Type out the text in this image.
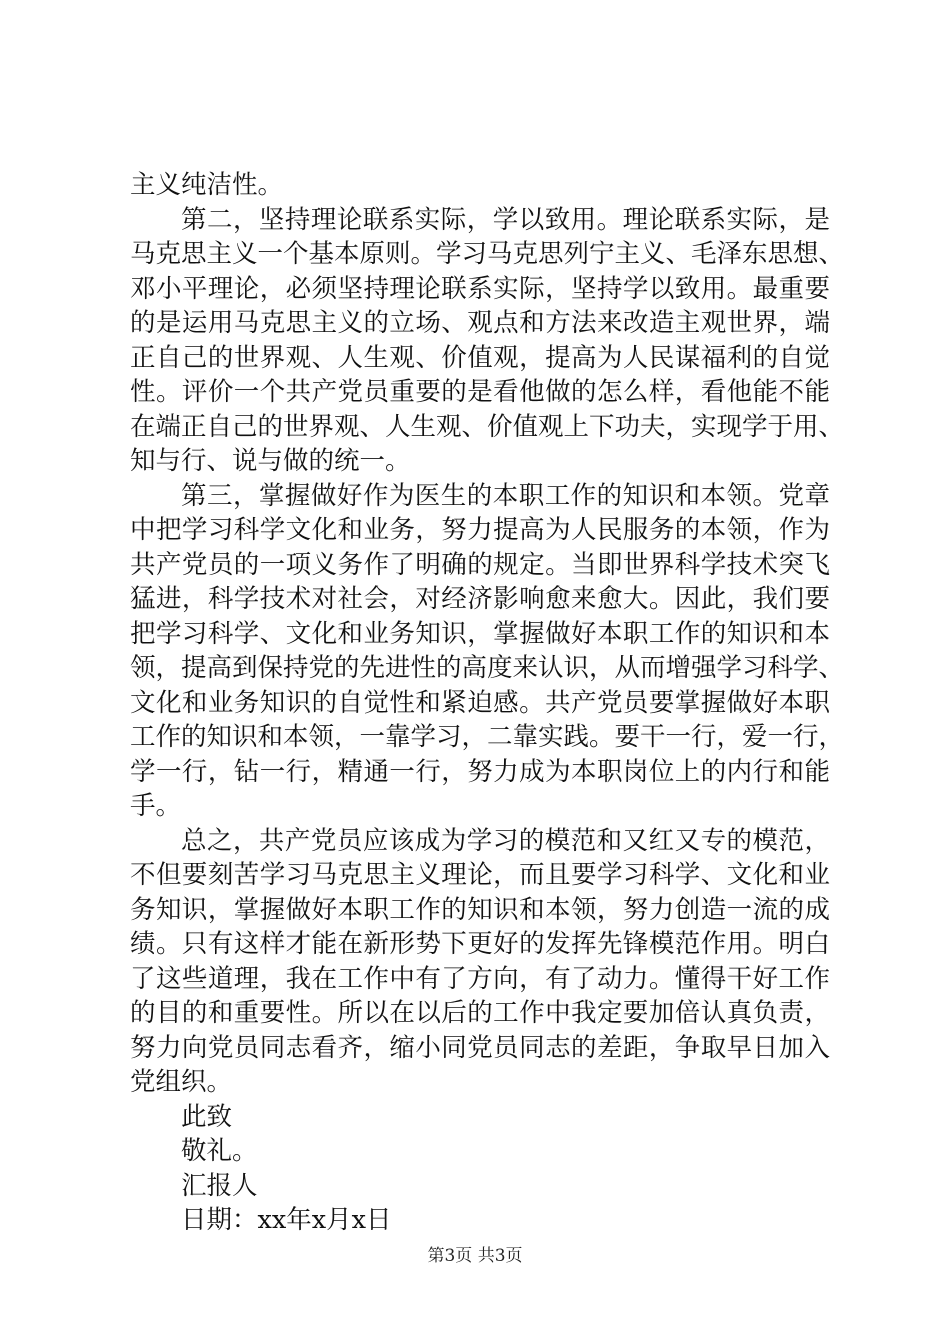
主义纯洁性。
第二，坚持理论联系实际，学以致用。理论联系实际，是
马克思主义一个基本原则。学习马克思列宁主义、毛泽东思想、
邓小平理论，必须坚持理论联系实际，坚持学以致用。最重要
的是运用马克思主义的立场、观点和方法来改造主观世界，端
正自己的世界观、人生观、价值观，提高为人民谋福利的自觉
性。评价一个共产党员重要的是看他做的怎么样，看他能不能
在端正自己的世界观、人生观、价值观上下功夫，实现学于用、
知与行、说与做的统一。
第三，掌握做好作为医生的本职工作的知识和本领。党章
中把学习科学文化和业务，努力提高为人民服务的本领，作为
共产党员的一项义务作了明确的规定。当即世界科学技术突飞
猛进，科学技术对社会，对经济影响愈来愈大。因此，我们要
把学习科学、文化和业务知识，掌握做好本职工作的知识和本
领，提高到保持党的先进性的高度来认识，从而增强学习科学、
文化和业务知识的自觉性和紧迫感。共产党员要掌握做好本职
工作的知识和本领，一靠学习，二靠实践。要干一行，爱一行，
学一行，钻一行，精通一行，努力成为本职岗位上的内行和能
手。
总之，共产党员应该成为学习的模范和又红又专的模范，
不但要刻苦学习马克思主义理论，而且要学习科学、文化和业
务知识，掌握做好本职工作的知识和本领，努力创造一流的成
绩。只有这样才能在新形势下更好的发挥先锋模范作用。明白
了这些道理，我在工作中有了方向，有了动力。懂得干好工作
的目的和重要性。所以在以后的工作中我定要加倍认真负责，
努力向党员同志看齐，缩小同党员同志的差距，争取早日加入
党组织。
此致
敬礼。
汇报人
日期：xx年x月x日
第3页 共3页
